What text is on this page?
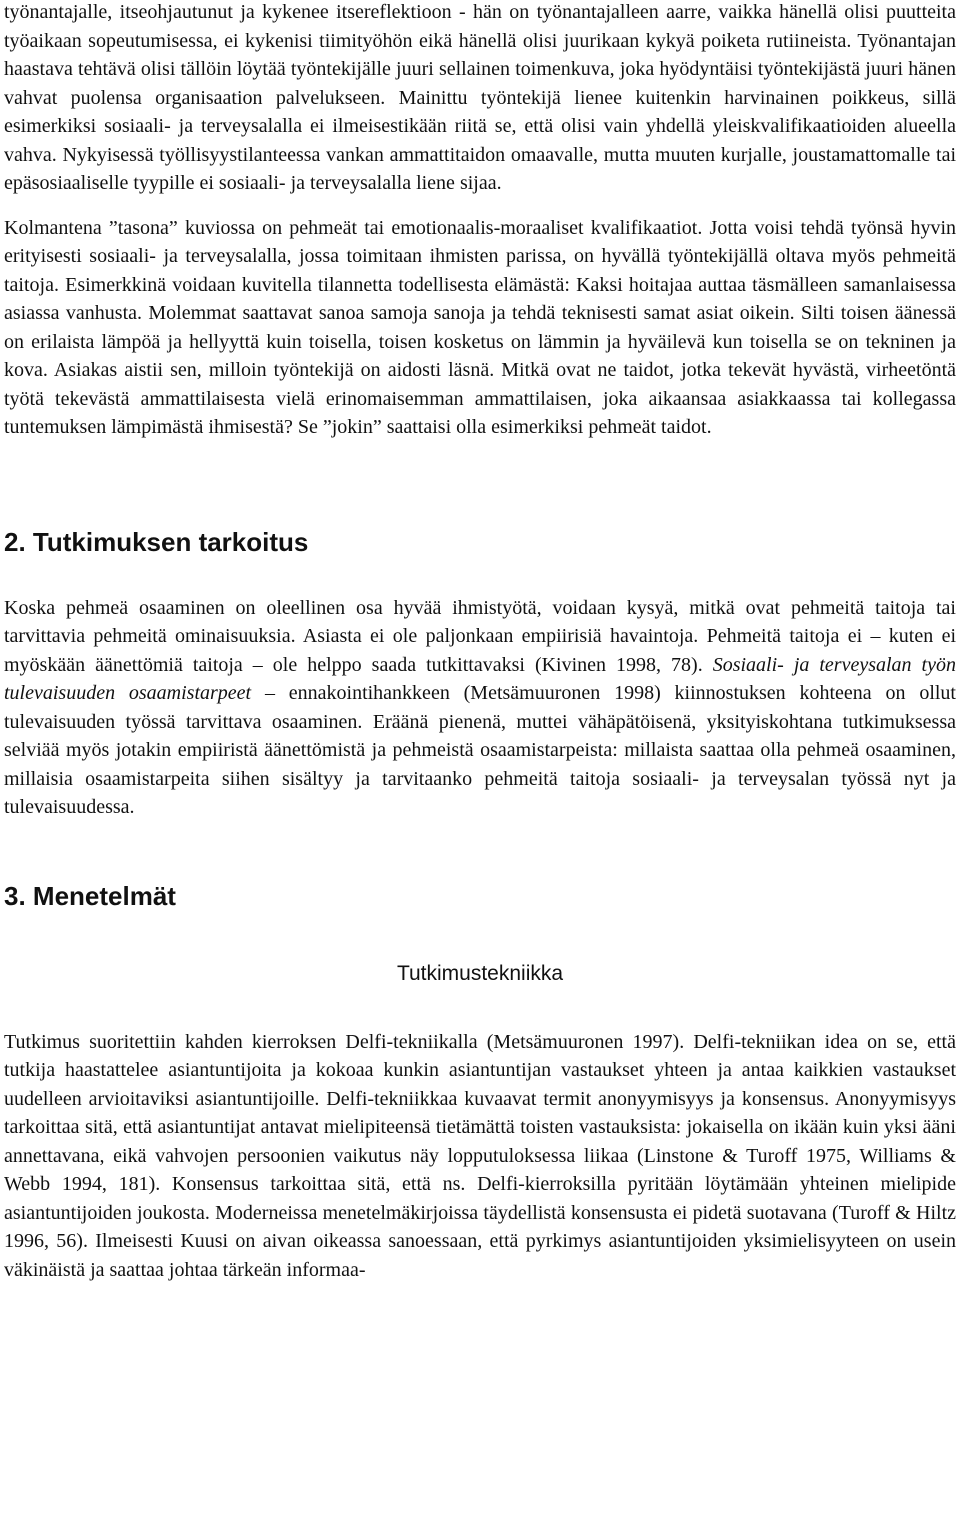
työnantajalle, itseohjautunut ja kykenee itsereflektioon - hän on työnantajalleen aarre, vaikka hänellä olisi puutteita työaikaan sopeutumisessa, ei kykenisi tiimityöhön eikä hänellä olisi juurikaan kykyä poiketa rutiineista. Työnantajan haastava tehtävä olisi tällöin löytää työntekijälle juuri sellainen toimenkuva, joka hyödyntäisi työntekijästä juuri hänen vahvat puolensa organisaation palvelukseen. Mainittu työntekijä lienee kuitenkin harvinainen poikkeus, sillä esimerkiksi sosiaali- ja terveysalalla ei ilmeisestikään riitä se, että olisi vain yhdellä yleiskvalifikaatioiden alueella vahva. Nykyisessä työllisyystilanteessa vankan ammattitaidon omaavalle, mutta muuten kurjalle, joustamattomalle tai epäsosiaaliselle tyypille ei sosiaali- ja terveysalalla liene sijaa.

Kolmantena ”tasona” kuviossa on pehmeät tai emotionaalis-moraaliset kvalifikaatiot. Jotta voisi tehdä työnsä hyvin erityisesti sosiaali- ja terveysalalla, jossa toimitaan ihmisten parissa, on hyvällä työntekijällä oltava myös pehmeitä taitoja. Esimerkkinä voidaan kuvitella tilannetta todellisesta elämästä: Kaksi hoitajaa auttaa täsmälleen samanlaisessa asiassa vanhusta. Molemmat saattavat sanoa samoja sanoja ja tehdä teknisesti samat asiat oikein. Silti toisen äänessä on erilaista lämpöä ja hellyyttä kuin toisella, toisen kosketus on lämmin ja hyväilevä kun toisella se on tekninen ja kova. Asiakas aistii sen, milloin työntekijä on aidosti läsnä. Mitkä ovat ne taidot, jotka tekevät hyvästä, virheetöntä työtä tekevästä ammattilaisesta vielä erinomaisemman ammattilaisen, joka aikaansaa asiakkaassa tai kollegassa tuntemuksen lämpimästä ihmisestä? Se ”jokin” saattaisi olla esimerkiksi pehmeät taidot.

2. Tutkimuksen tarkoitus

Koska pehmeä osaaminen on oleellinen osa hyvää ihmistyötä, voidaan kysyä, mitkä ovat pehmeitä taitoja tai tarvittavia pehmeitä ominaisuuksia. Asiasta ei ole paljonkaan empiirisiä havaintoja. Pehmeitä taitoja ei – kuten ei myöskään äänettömiä taitoja – ole helppo saada tutkittavaksi (Kivinen 1998, 78). Sosiaali- ja terveysalan työn tulevaisuuden osaamistarpeet – ennakointihankkeen (Metsämuuronen 1998) kiinnostuksen kohteena on ollut tulevaisuuden työssä tarvittava osaaminen. Eräänä pienenä, muttei vähäpätöisenä, yksityiskohtana tutkimuksessa selviää myös jotakin empiiristä äänettömistä ja pehmeistä osaamistarpeista: millaista saattaa olla pehmeä osaaminen, millaisia osaamistarpeita siihen sisältyy ja tarvitaanko pehmeitä taitoja sosiaali- ja terveysalan työssä nyt ja tulevaisuudessa.

3. Menetelmät
Tutkimustekniikka

Tutkimus suoritettiin kahden kierroksen Delfi-tekniikalla (Metsämuuronen 1997). Delfi-tekniikan idea on se, että tutkija haastattelee asiantuntijoita ja kokoaa kunkin asiantuntijan vastaukset yhteen ja antaa kaikkien vastaukset uudelleen arvioitaviksi asiantuntijoille. Delfi-tekniikkaa kuvaavat termit anonyymisyys ja konsensus. Anonyymisyys tarkoittaa sitä, että asiantuntijat antavat mielipiteensä tietämättä toisten vastauksista: jokaisella on ikään kuin yksi ääni annettavana, eikä vahvojen persoonien vaikutus näy lopputuloksessa liikaa (Linstone & Turoff 1975, Williams & Webb 1994, 181). Konsensus tarkoittaa sitä, että ns. Delfi-kierroksilla pyritään löytämään yhteinen mielipide asiantuntijoiden joukosta. Moderneissa menetelmäkirjoissa täydellistä konsensusta ei pidetä suotavana (Turoff & Hiltz 1996, 56). Ilmeisesti Kuusi on aivan oikeassa sanoessaan, että pyrkimys asiantuntijoiden yksimielisyyteen on usein väkinäistä ja saattaa johtaa tärkeän informaa-
